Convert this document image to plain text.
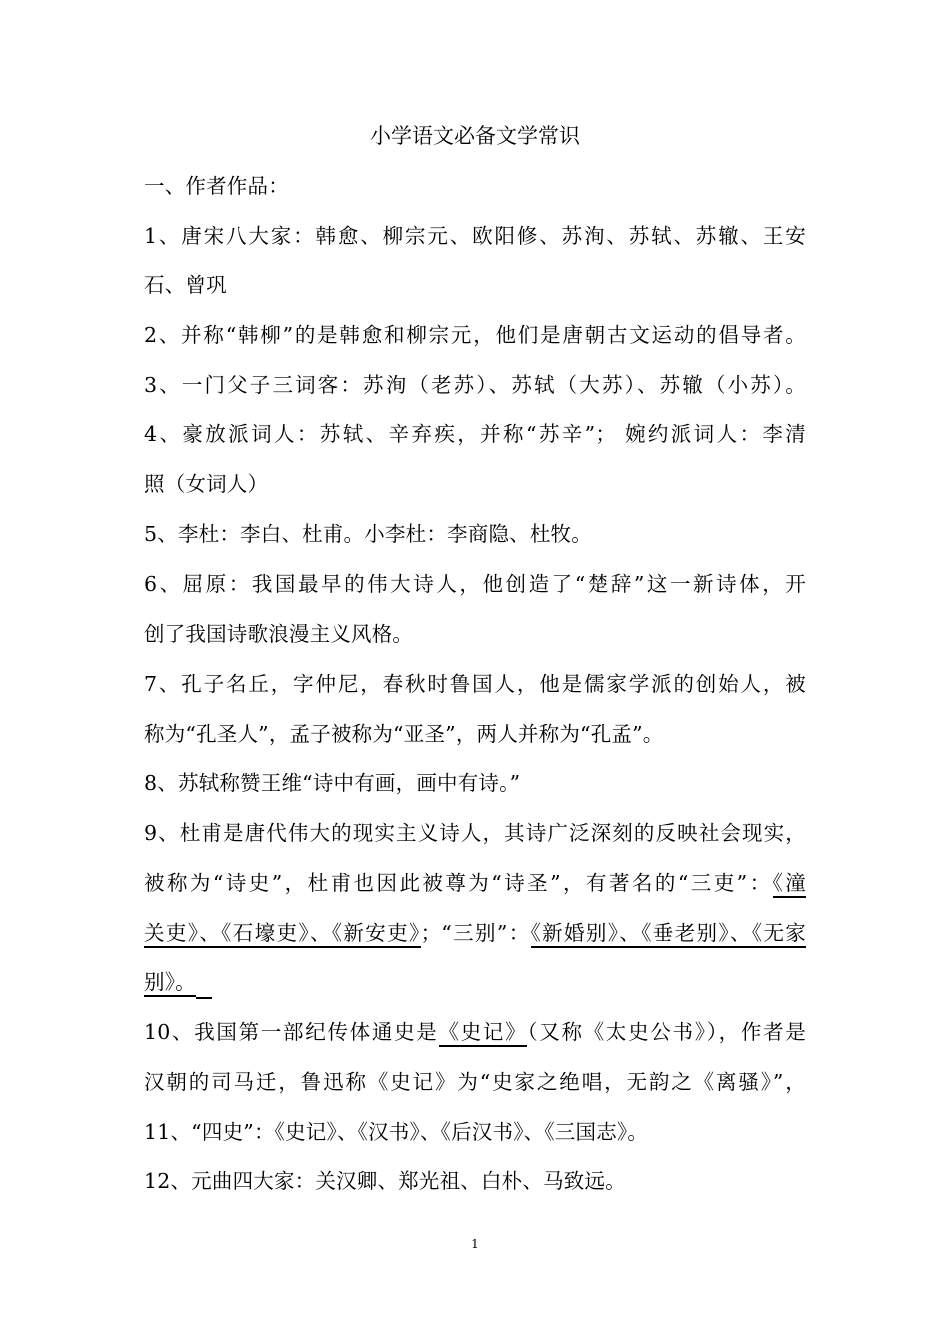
小学语文必备文学常识
一、作者作品：
1、唐宋八大家：韩愈、柳宗元、欧阳修、苏洵、苏轼、苏辙、王安
石、曾巩
2、并称“韩柳”的是韩愈和柳宗元，他们是唐朝古文运动的倡导者。
3、一门父子三词客：苏洵（老苏）、苏轼（大苏）、苏辙（小苏）。
4、豪放派词人：苏轼、辛弃疾，并称“苏辛”； 婉约派词人：李清
照（女词人）
5、李杜：李白、杜甫。小李杜：李商隐、杜牧。
6、屈原：我国最早的伟大诗人，他创造了“楚辞”这一新诗体，开
创了我国诗歌浪漫主义风格。
7、孔子名丘，字仲尼，春秋时鲁国人，他是儒家学派的创始人，被
称为“孔圣人”，孟子被称为“亚圣”，两人并称为“孔孟”。
8、苏轼称赞王维“诗中有画，画中有诗。”
9、杜甫是唐代伟大的现实主义诗人，其诗广泛深刻的反映社会现实，
被称为“诗史”，杜甫也因此被尊为“诗圣”，有著名的“三吏”：《潼
关吏》、《石壕吏》、《新安吏》；“三别”：《新婚别》、《垂老别》、《无家
别》。
10、我国第一部纪传体通史是《史记》（又称《太史公书》），作者是
汉朝的司马迁，鲁迅称《史记》为“史家之绝唱，无韵之《离骚》”，
11、“四史”：《史记》、《汉书》、《后汉书》、《三国志》。
12、元曲四大家：关汉卿、郑光祖、白朴、马致远。
1
